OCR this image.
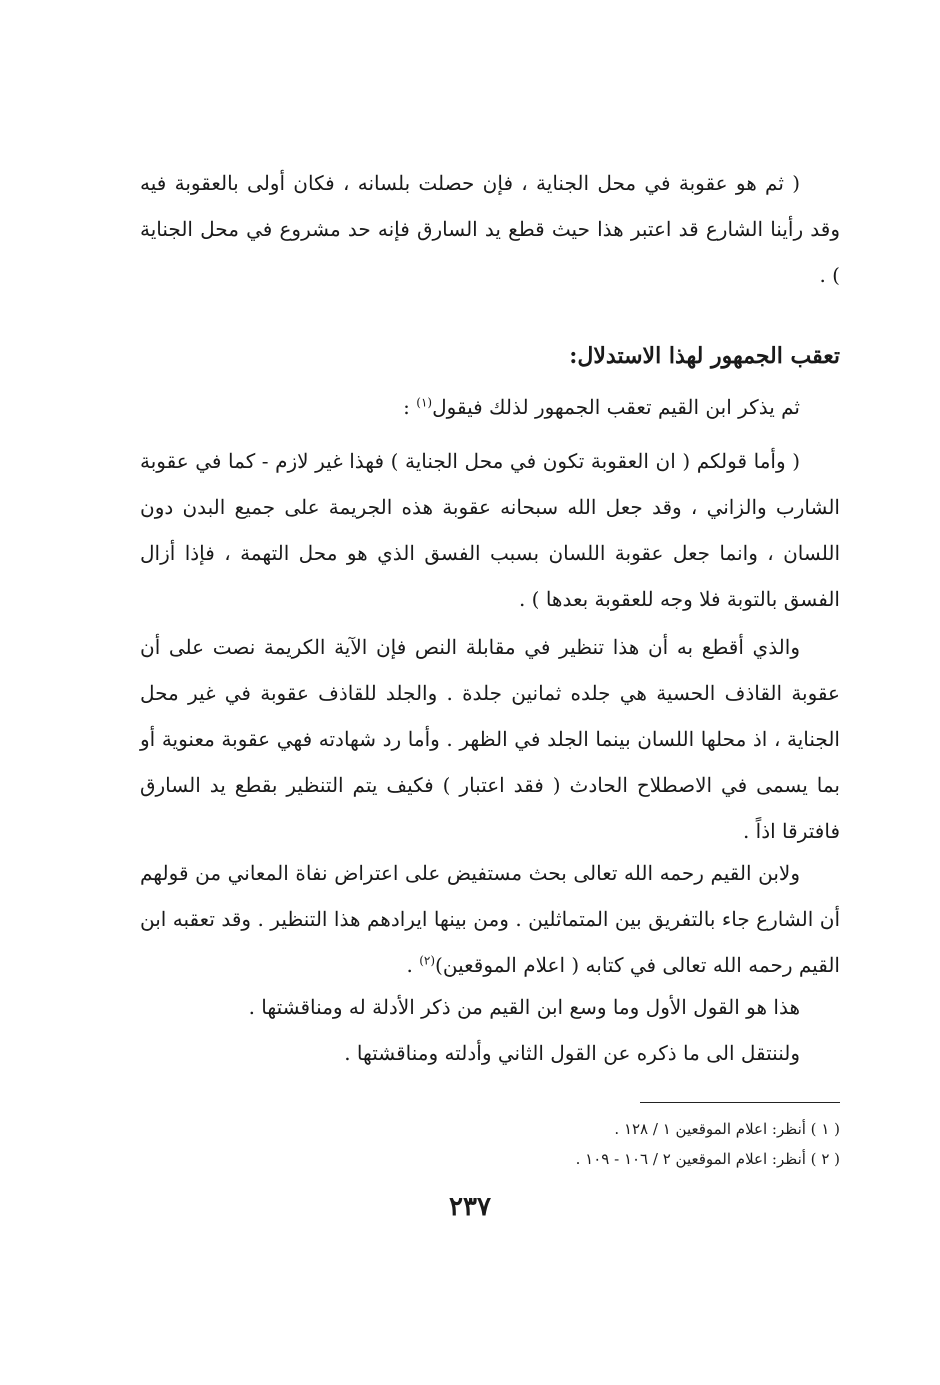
( ثم هو عقوبة في محل الجناية ، فإن حصلت بلسانه ، فكان أولى بالعقوبة فيه وقد رأينا الشارع قد اعتبر هذا حيث قطع يد السارق فإنه حد مشروع في محل الجناية ) .

تعقب الجمهور لهذا الاستدلال:

ثم يذكر ابن القيم تعقب الجمهور لذلك فيقول$^{(١)}$ :

( وأما قولكم ( ان العقوبة تكون في محل الجناية ) فهذا غير لازم - كما في عقوبة الشارب والزاني ، وقد جعل الله سبحانه عقوبة هذه الجريمة على جميع البدن دون اللسان ، وانما جعل عقوبة اللسان بسبب الفسق الذي هو محل التهمة ، فإذا أزال الفسق بالتوبة فلا وجه للعقوبة بعدها ) .

والذي أقطع به أن هذا تنظير في مقابلة النص فإن الآية الكريمة نصت على أن عقوبة القاذف الحسية هي جلده ثمانين جلدة . والجلد للقاذف عقوبة في غير محل الجناية ، اذ محلها اللسان بينما الجلد في الظهر . وأما رد شهادته فهي عقوبة معنوية أو بما يسمى في الاصطلاح الحادث ( فقد اعتبار ) فكيف يتم التنظير بقطع يد السارق فافترقا اذاً .

ولابن القيم رحمه الله تعالى بحث مستفيض على اعتراض نفاة المعاني من قولهم أن الشارع جاء بالتفريق بين المتماثلين . ومن بينها ايرادهم هذا التنظير . وقد تعقبه ابن القيم رحمه الله تعالى في كتابه ( اعلام الموقعين)$^{(٢)}$ .

هذا هو القول الأول وما وسع ابن القيم من ذكر الأدلة له ومناقشتها .

ولننتقل الى ما ذكره عن القول الثاني وأدلته ومناقشتها .

( ١ ) أنظر: اعلام الموقعين ١ / ١٢٨ .
( ٢ ) أنظر: اعلام الموقعين ٢ / ١٠٦ - ١٠٩ .
٢٣٧
